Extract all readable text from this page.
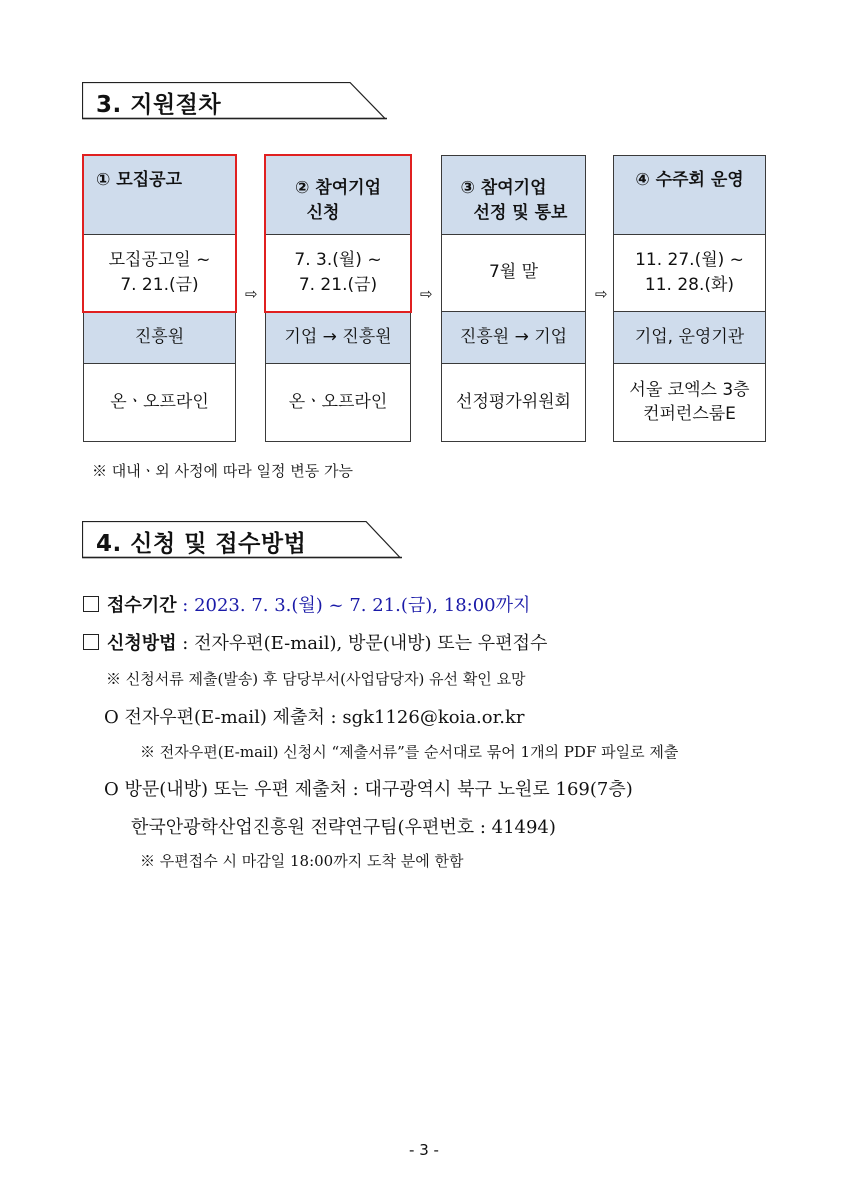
3. 지원절차
① 모집공고
모집공고일 ~
7. 21.(금)
진흥원
온ㆍ오프라인
⇨
② 참여기업
신청
7. 3.(월) ~
7. 21.(금)
기업 → 진흥원
온ㆍ오프라인
⇨
③ 참여기업
선정 및 통보
7월 말
진흥원 → 기업
선정평가위원회
⇨
④ 수주회 운영
11. 27.(월) ~
11. 28.(화)
기업, 운영기관
서울 코엑스 3층
컨퍼런스룸E
※ 대내ㆍ외 사정에 따라 일정 변동 가능
4. 신청 및 접수방법
접수기간 : 2023. 7. 3.(월) ~ 7. 21.(금), 18:00까지
신청방법 : 전자우편(E-mail), 방문(내방) 또는 우편접수
※ 신청서류 제출(발송) 후 담당부서(사업담당자) 유선 확인 요망
O 전자우편(E-mail) 제출처 : sgk1126@koia.or.kr
※ 전자우편(E-mail) 신청시 “제출서류”를 순서대로 묶어 1개의 PDF 파일로 제출
O 방문(내방) 또는 우편 제출처 : 대구광역시 북구 노원로 169(7층)
한국안광학산업진흥원 전략연구팀(우편번호 : 41494)
※ 우편접수 시 마감일 18:00까지 도착 분에 한함
- 3 -
